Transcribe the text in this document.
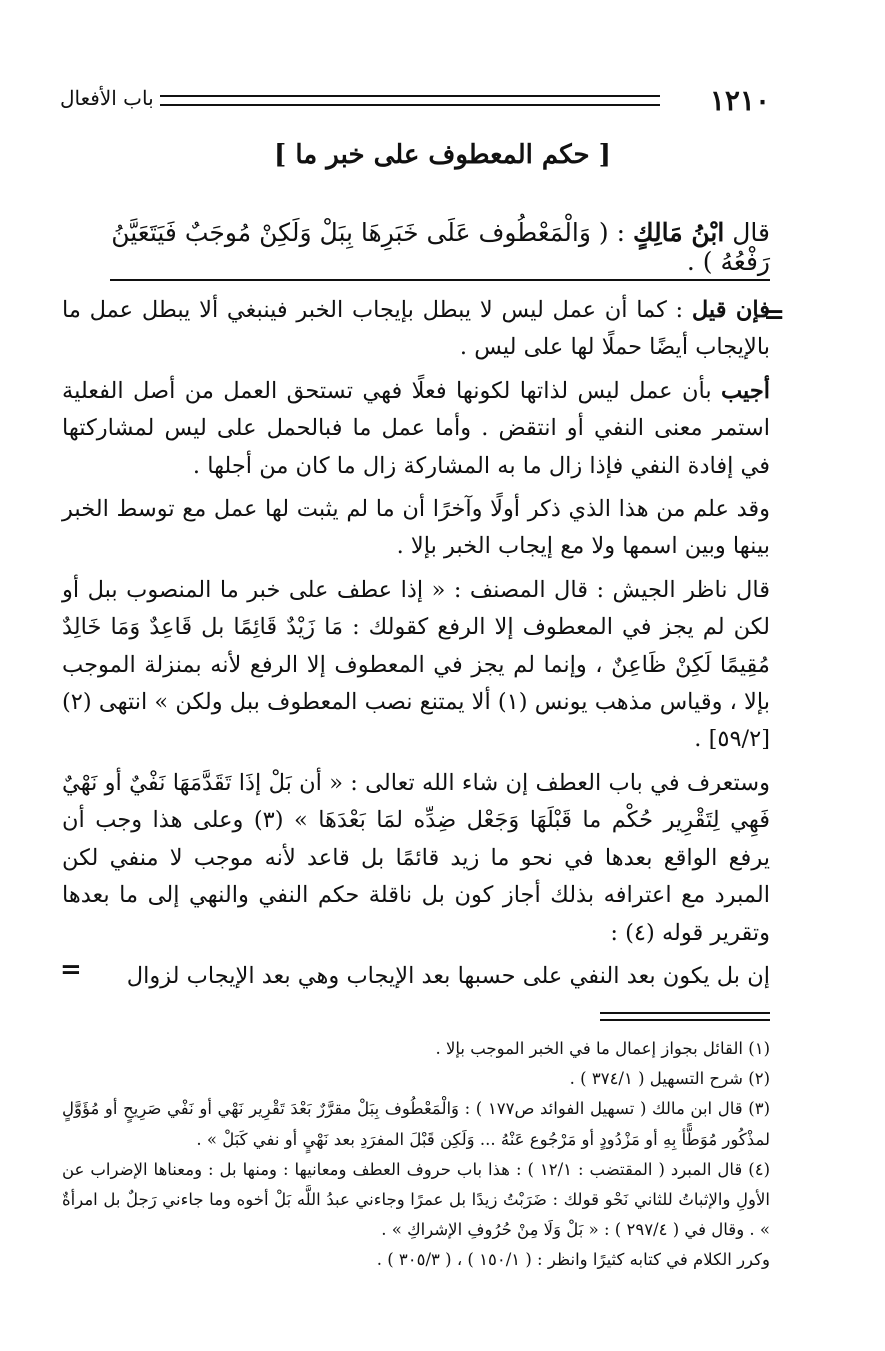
١٢١٠
باب الأفعال
[ حكم المعطوف على خبر ما ]
قال ابْنُ مَالِكٍ : ( وَالْمَعْطُوف عَلَى خَبَرِهَا بِبَلْ وَلَكِنْ مُوجَبٌ فَيَتَعَيَّنُ رَفْعُهُ ) .
=

فإن قيل : كما أن عمل ليس لا يبطل بإيجاب الخبر فينبغي ألا يبطل عمل ما بالإيجاب أيضًا حملًا لها على ليس .

أجيب بأن عمل ليس لذاتها لكونها فعلًا فهي تستحق العمل من أصل الفعلية استمر معنى النفي أو انتقض . وأما عمل ما فبالحمل على ليس لمشاركتها في إفادة النفي فإذا زال ما به المشاركة زال ما كان من أجلها .

وقد علم من هذا الذي ذكر أولًا وآخرًا أن ما لم يثبت لها عمل مع توسط الخبر بينها وبين اسمها ولا مع إيجاب الخبر بإلا .

قال ناظر الجيش : قال المصنف : « إذا عطف على خبر ما المنصوب ببل أو لكن لم يجز في المعطوف إلا الرفع كقولك : مَا زَيْدٌ قَائِمًا بل قَاعِدٌ وَمَا خَالِدٌ مُقِيمًا لَكِنْ ظَاعِنٌ ، وإنما لم يجز في المعطوف إلا الرفع لأنه بمنزلة الموجب بإلا ، وقياس مذهب يونس (١) ألا يمتنع نصب المعطوف ببل ولكن » انتهى (٢) [٥٩/٢] .

وستعرف في باب العطف إن شاء الله تعالى : « أن بَلْ إذَا تَقَدَّمَهَا نَفْيٌ أو نَهْيٌ فَهِي لِتَقْرِير حُكْم ما قَبْلَهَا وَجَعْل ضِدِّه لمَا بَعْدَهَا » (٣) وعلى هذا وجب أن يرفع الواقع بعدها في نحو ما زيد قائمًا بل قاعد لأنه موجب لا منفي لكن المبرد مع اعترافه بذلك أجاز كون بل ناقلة حكم النفي والنهي إلى ما بعدها وتقرير قوله (٤) :

إن بل يكون بعد النفي على حسبها بعد الإيجاب وهي بعد الإيجاب لزوال

=

(١) القائل بجواز إعمال ما في الخبر الموجب بإلا .

(٢) شرح التسهيل ( ٣٧٤/١ ) .

(٣) قال ابن مالك ( تسهيل الفوائد ص١٧٧ ) : وَالْمَعْطُوف بِبَلْ مقرَّرٌ بَعْدَ تَقْرِير نَهْي أو نَفْي صَرِيحٍ أو مُؤَوَّلٍ لمذْكُور مُوَطًّأ بِهِ أو مَزْدُودٍ أو مَرْجُوع عَنْهُ ... وَلَكِن قَبْلَ المفرَدِ بعد نَهْيٍ أو نفي كَبَلْ » .

(٤) قال المبرد ( المقتضب : ١٢/١ ) : هذا باب حروف العطف ومعانيها : ومنها بل : ومعناها الإضراب عن الأولِ والإثباتُ للثاني نَحْو قولك : ضَرَبْتُ زيدًا بل عمرًا وجاءني عبدُ اللَّه بَلْ أخوه وما جاءني رَجلٌ بل امرأةٌ » . وقال في ( ٢٩٧/٤ ) : « بَلْ وَلَا مِنْ حُرُوفِ الإشراكِ » .

وكرر الكلام في كتابه كثيرًا وانظر : ( ١٥٠/١ ) ، ( ٣٠٥/٣ ) .
